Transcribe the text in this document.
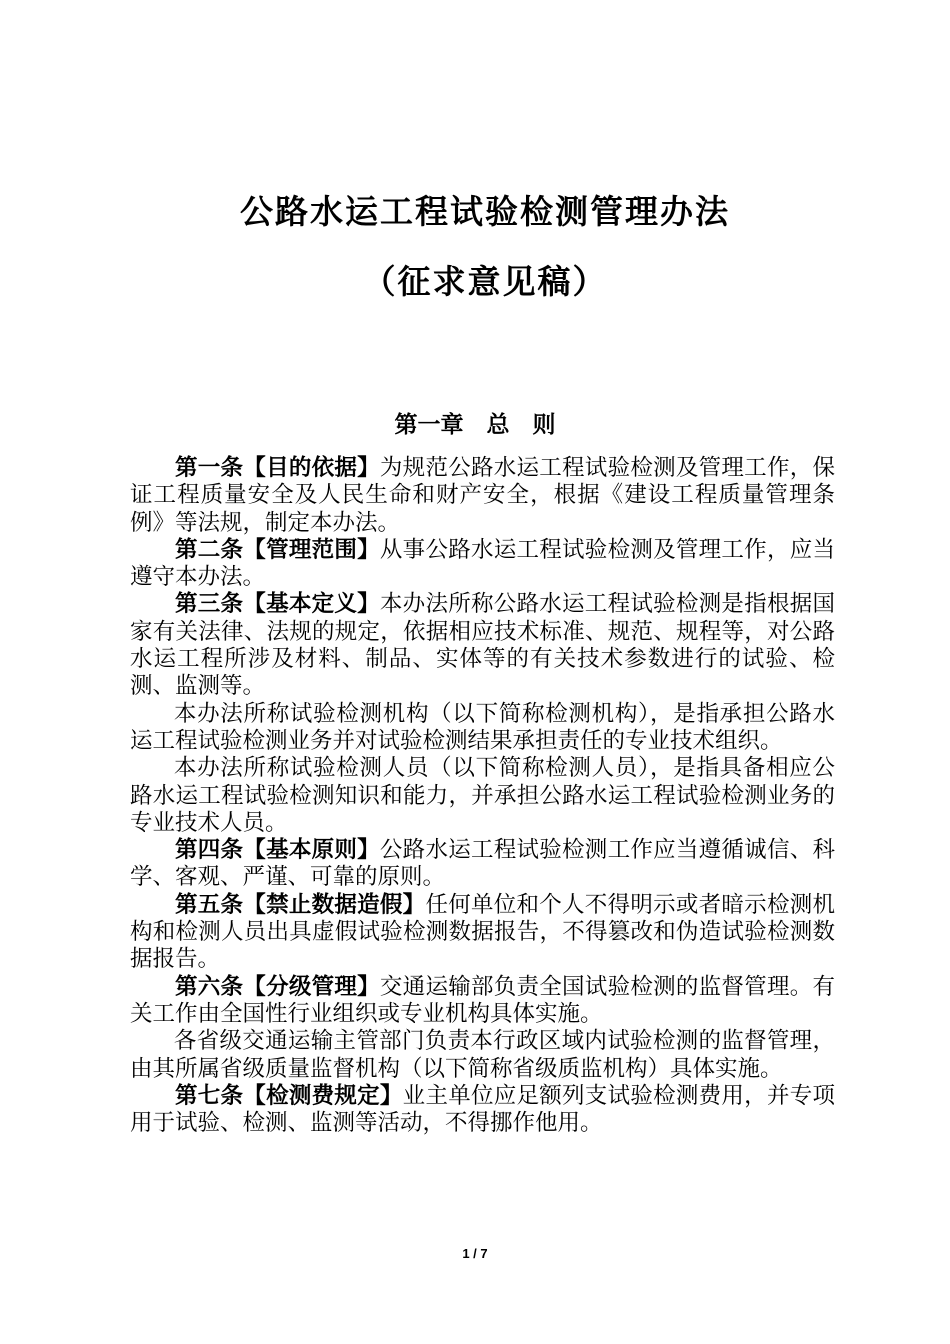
公路水运工程试验检测管理办法
（征求意见稿）
第一章　总　则

第一条【目的依据】为规范公路水运工程试验检测及管理工作，保证工程质量安全及人民生命和财产安全，根据《建设工程质量管理条例》等法规，制定本办法。

第二条【管理范围】从事公路水运工程试验检测及管理工作，应当遵守本办法。

第三条【基本定义】本办法所称公路水运工程试验检测是指根据国家有关法律、法规的规定，依据相应技术标准、规范、规程等，对公路水运工程所涉及材料、制品、实体等的有关技术参数进行的试验、检测、监测等。

本办法所称试验检测机构（以下简称检测机构），是指承担公路水运工程试验检测业务并对试验检测结果承担责任的专业技术组织。

本办法所称试验检测人员（以下简称检测人员），是指具备相应公路水运工程试验检测知识和能力，并承担公路水运工程试验检测业务的专业技术人员。

第四条【基本原则】公路水运工程试验检测工作应当遵循诚信、科学、客观、严谨、可靠的原则。

第五条【禁止数据造假】任何单位和个人不得明示或者暗示检测机构和检测人员出具虚假试验检测数据报告，不得篡改和伪造试验检测数据报告。

第六条【分级管理】交通运输部负责全国试验检测的监督管理。有关工作由全国性行业组织或专业机构具体实施。

各省级交通运输主管部门负责本行政区域内试验检测的监督管理，由其所属省级质量监督机构（以下简称省级质监机构）具体实施。

第七条【检测费规定】业主单位应足额列支试验检测费用，并专项用于试验、检测、监测等活动，不得挪作他用。

1 / 7
